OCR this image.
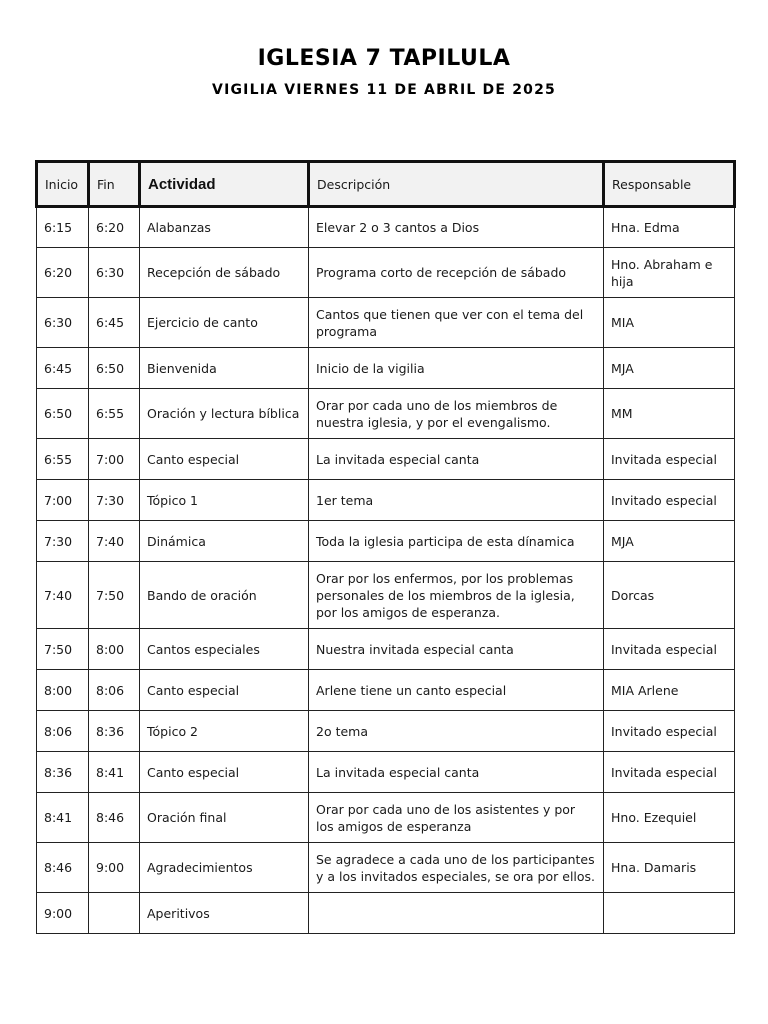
IGLESIA 7 TAPILULA
VIGILIA VIERNES 11 DE ABRIL DE 2025
Inicio	Fin	Actividad	Descripción	Responsable
6:15	6:20	Alabanzas	Elevar 2 o 3 cantos a Dios	Hna. Edma
6:20	6:30	Recepción de sábado	Programa corto de recepción de sábado	Hno. Abraham e hija
6:30	6:45	Ejercicio de canto	Cantos que tienen que ver con el tema del programa	MIA
6:45	6:50	Bienvenida	Inicio de la vigilia	MJA
6:50	6:55	Oración y lectura bíblica	Orar por cada uno de los miembros de nuestra iglesia, y por el evengalismo.	MM
6:55	7:00	Canto especial	La invitada especial canta	Invitada especial
7:00	7:30	Tópico 1	1er tema	Invitado especial
7:30	7:40	Dinámica	Toda la iglesia participa de esta dínamica	MJA
7:40	7:50	Bando de oración	Orar por los enfermos, por los problemas personales de los miembros de la iglesia, por los amigos de esperanza.	Dorcas
7:50	8:00	Cantos especiales	Nuestra invitada especial canta	Invitada especial
8:00	8:06	Canto especial	Arlene tiene un canto especial	MIA Arlene
8:06	8:36	Tópico 2	2o tema	Invitado especial
8:36	8:41	Canto especial	La invitada especial canta	Invitada especial
8:41	8:46	Oración final	Orar por cada uno de los asistentes y por los amigos de esperanza	Hno. Ezequiel
8:46	9:00	Agradecimientos	Se agradece a cada uno de los participantes y a los invitados especiales, se ora por ellos.	Hna. Damaris
9:00		Aperitivos		
